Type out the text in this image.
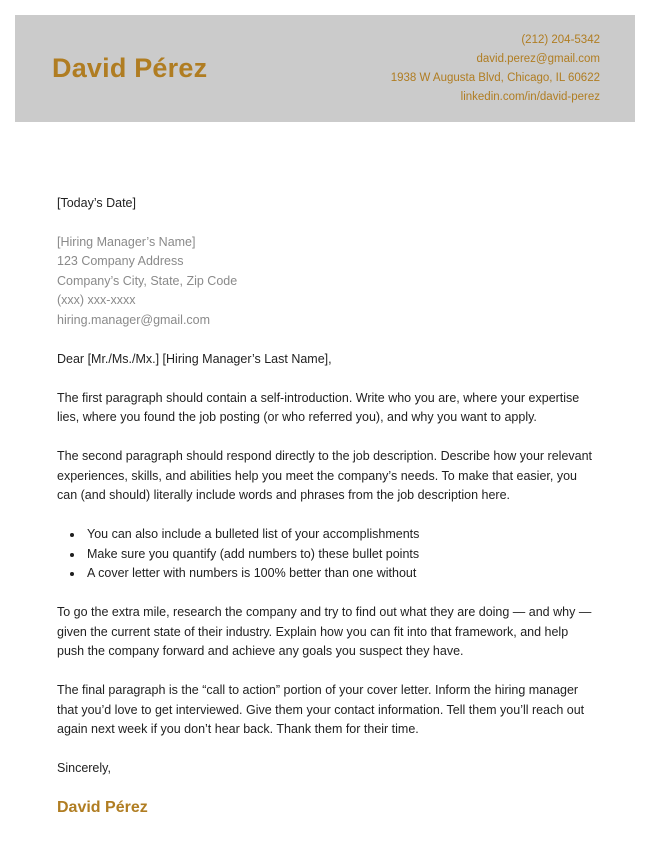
David Pérez
(212) 204-5342
david.perez@gmail.com
1938 W Augusta Blvd, Chicago, IL 60622
linkedin.com/in/david-perez

[Today’s Date]

[Hiring Manager’s Name]
123 Company Address
Company’s City, State, Zip Code
(xxx) xxx-xxxx
hiring.manager@gmail.com

Dear [Mr./Ms./Mx.] [Hiring Manager’s Last Name],

The first paragraph should contain a self-introduction. Write who you are, where your expertise lies, where you found the job posting (or who referred you), and why you want to apply.

The second paragraph should respond directly to the job description. Describe how your relevant experiences, skills, and abilities help you meet the company’s needs. To make that easier, you can (and should) literally include words and phrases from the job description here.

• You can also include a bulleted list of your accomplishments
• Make sure you quantify (add numbers to) these bullet points
• A cover letter with numbers is 100% better than one without

To go the extra mile, research the company and try to find out what they are doing — and why — given the current state of their industry. Explain how you can fit into that framework, and help push the company forward and achieve any goals you suspect they have.

The final paragraph is the “call to action” portion of your cover letter. Inform the hiring manager that you’d love to get interviewed. Give them your contact information. Tell them you’ll reach out again next week if you don’t hear back. Thank them for their time.

Sincerely,

David Pérez
